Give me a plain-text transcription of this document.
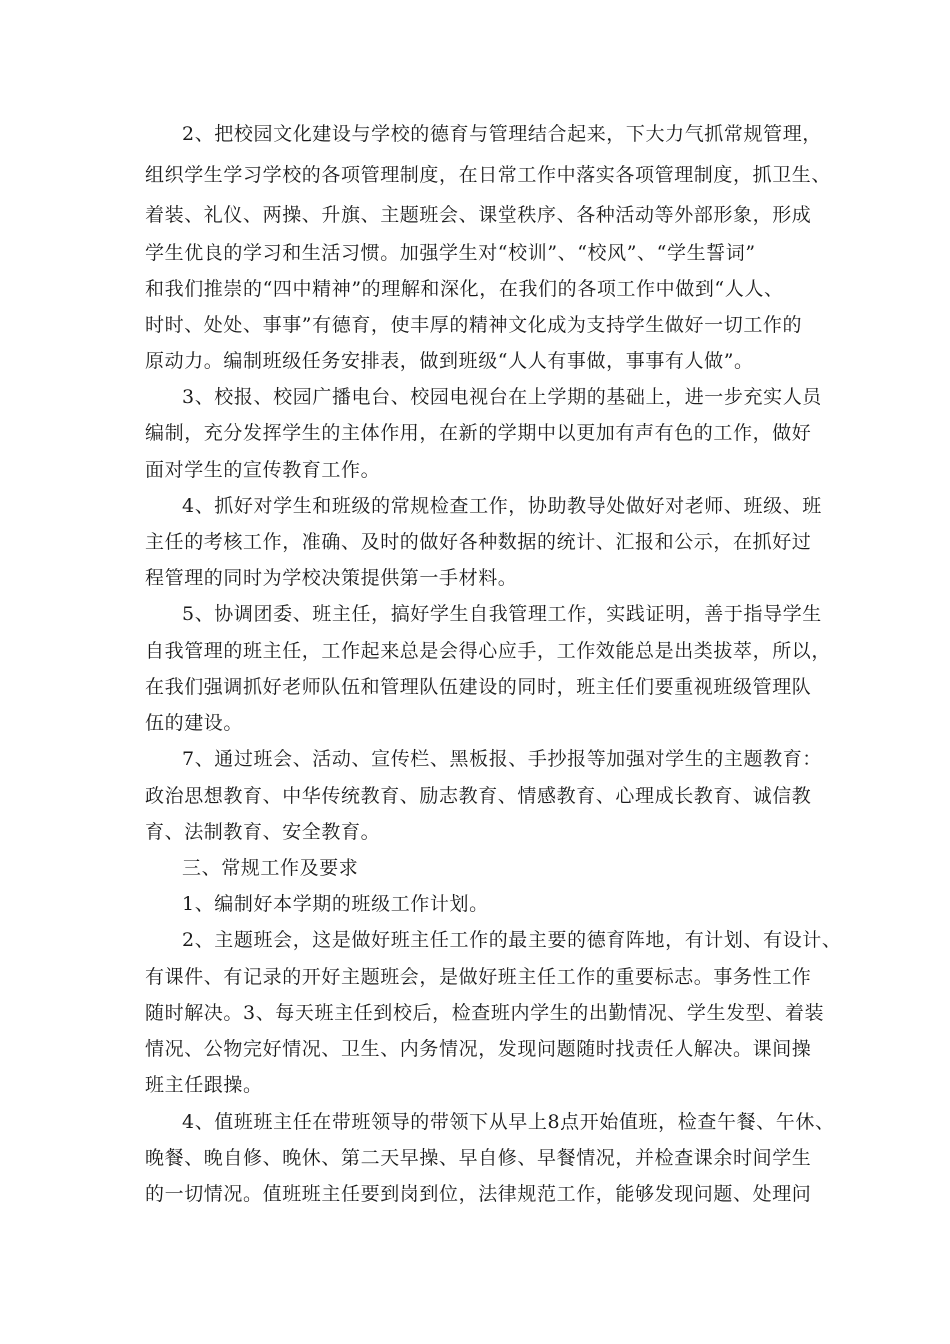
2、把校园文化建设与学校的德育与管理结合起来，下大力气抓常规管理，
组织学生学习学校的各项管理制度，在日常工作中落实各项管理制度，抓卫生、
着装、礼仪、两操、升旗、主题班会、课堂秩序、各种活动等外部形象，形成
学生优良的学习和生活习惯。加强学生对“校训”、“校风”、“学生誓词”
和我们推崇的“四中精神”的理解和深化，在我们的各项工作中做到“人人、
时时、处处、事事”有德育，使丰厚的精神文化成为支持学生做好一切工作的
原动力。编制班级任务安排表，做到班级“人人有事做，事事有人做”。
3、校报、校园广播电台、校园电视台在上学期的基础上，进一步充实人员
编制，充分发挥学生的主体作用，在新的学期中以更加有声有色的工作，做好
面对学生的宣传教育工作。
4、抓好对学生和班级的常规检查工作，协助教导处做好对老师、班级、班
主任的考核工作，准确、及时的做好各种数据的统计、汇报和公示，在抓好过
程管理的同时为学校决策提供第一手材料。
5、协调团委、班主任，搞好学生自我管理工作，实践证明，善于指导学生
自我管理的班主任，工作起来总是会得心应手，工作效能总是出类拔萃，所以，
在我们强调抓好老师队伍和管理队伍建设的同时，班主任们要重视班级管理队
伍的建设。
7、通过班会、活动、宣传栏、黑板报、手抄报等加强对学生的主题教育：
政治思想教育、中华传统教育、励志教育、情感教育、心理成长教育、诚信教
育、法制教育、安全教育。
三、常规工作及要求
1、编制好本学期的班级工作计划。
2、主题班会，这是做好班主任工作的最主要的德育阵地，有计划、有设计、
有课件、有记录的开好主题班会，是做好班主任工作的重要标志。事务性工作
随时解决。3、每天班主任到校后，检查班内学生的出勤情况、学生发型、着装
情况、公物完好情况、卫生、内务情况，发现问题随时找责任人解决。课间操
班主任跟操。
4、值班班主任在带班领导的带领下从早上8点开始值班，检查午餐、午休、
晚餐、晚自修、晚休、第二天早操、早自修、早餐情况，并检查课余时间学生
的一切情况。值班班主任要到岗到位，法律规范工作，能够发现问题、处理问
